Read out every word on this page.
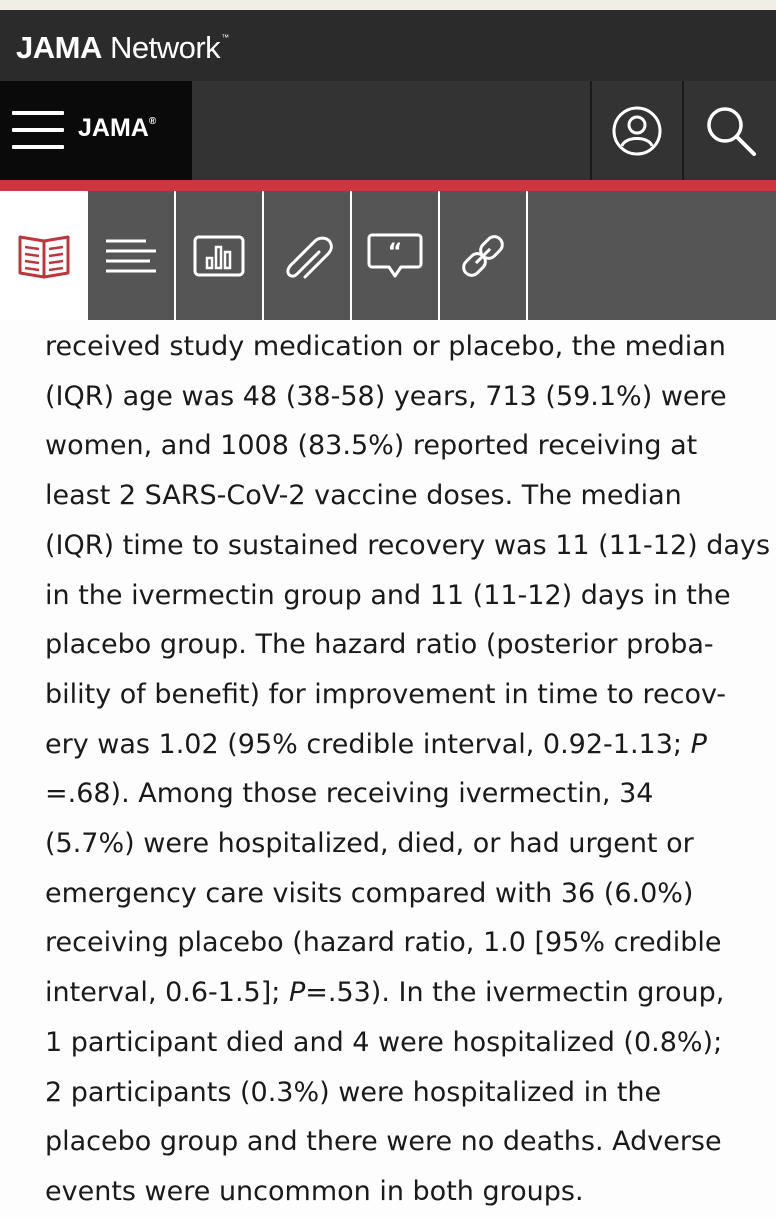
JAMA Network™
JAMA®
“

received study medication or placebo, the median
(IQR) age was 48 (38-58) years, 713 (59.1%) were
women, and 1008 (83.5%) reported receiving at
least 2 SARS-CoV-2 vaccine doses. The median
(IQR) time to sustained recovery was 11 (11-12) days
in the ivermectin group and 11 (11-12) days in the
placebo group. The hazard ratio (posterior proba-
bility of benefit) for improvement in time to recov-
ery was 1.02 (95% credible interval, 0.92-1.13; P
=.68). Among those receiving ivermectin, 34
(5.7%) were hospitalized, died, or had urgent or
emergency care visits compared with 36 (6.0%)
receiving placebo (hazard ratio, 1.0 [95% credible
interval, 0.6-1.5]; P=.53). In the ivermectin group,
1 participant died and 4 were hospitalized (0.8%);
2 participants (0.3%) were hospitalized in the
placebo group and there were no deaths. Adverse
events were uncommon in both groups.
